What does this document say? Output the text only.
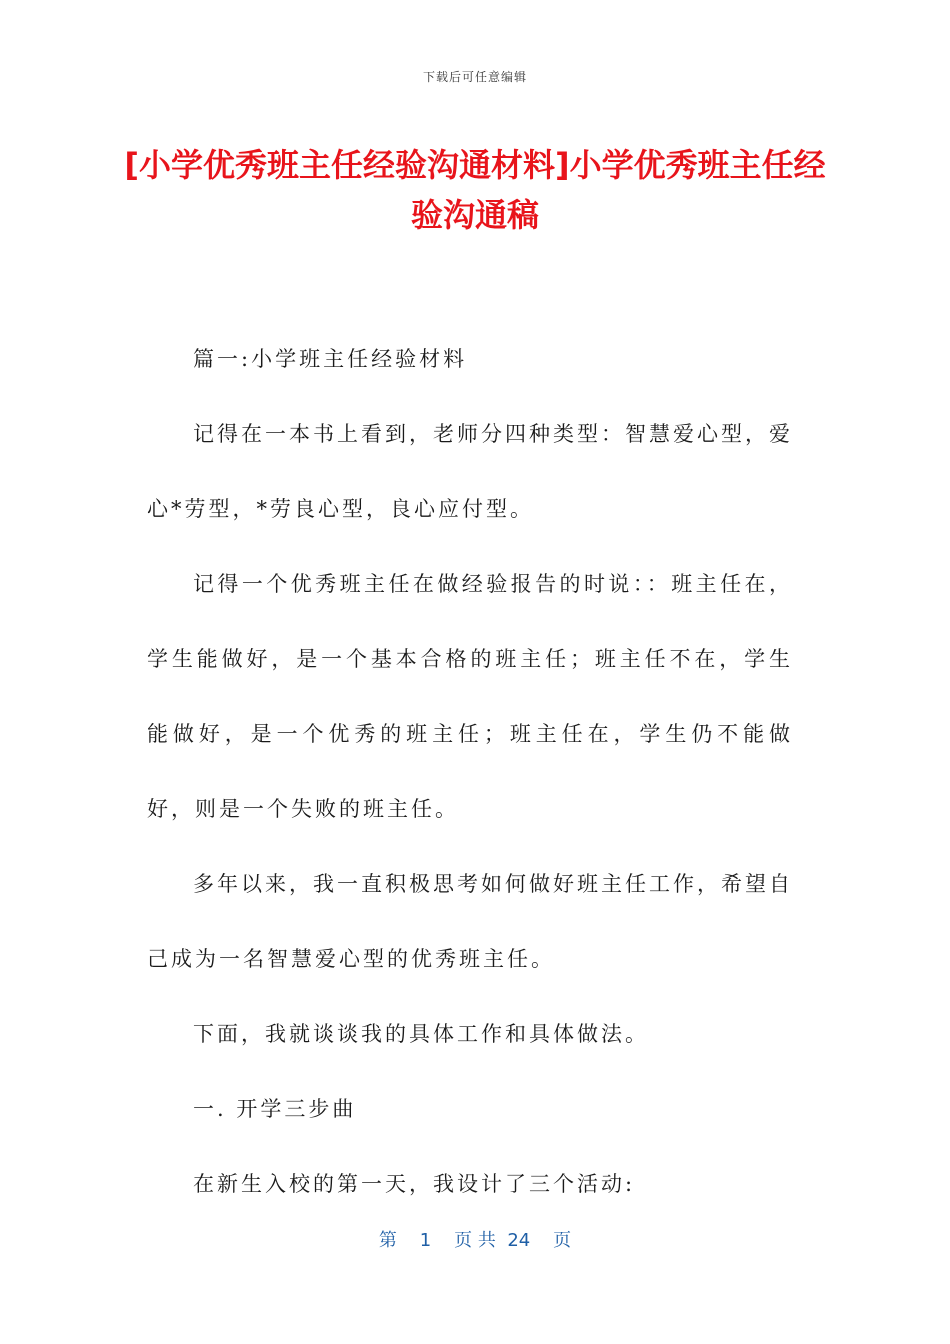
下载后可任意编辑
[小学优秀班主任经验沟通材料]小学优秀班主任经验沟通稿

篇一:小学班主任经验材料

记得在一本书上看到，老师分四种类型：智慧爱心型，爱心*劳型，*劳良心型，良心应付型。

记得一个优秀班主任在做经验报告的时说：：班主任在，学生能做好，是一个基本合格的班主任；班主任不在，学生能做好，是一个优秀的班主任；班主任在，学生仍不能做好，则是一个失败的班主任。

多年以来，我一直积极思考如何做好班主任工作，希望自己成为一名智慧爱心型的优秀班主任。

下面，我就谈谈我的具体工作和具体做法。

一. 开学三步曲

在新生入校的第一天，我设计了三个活动:

第 1 页 共 24 页
